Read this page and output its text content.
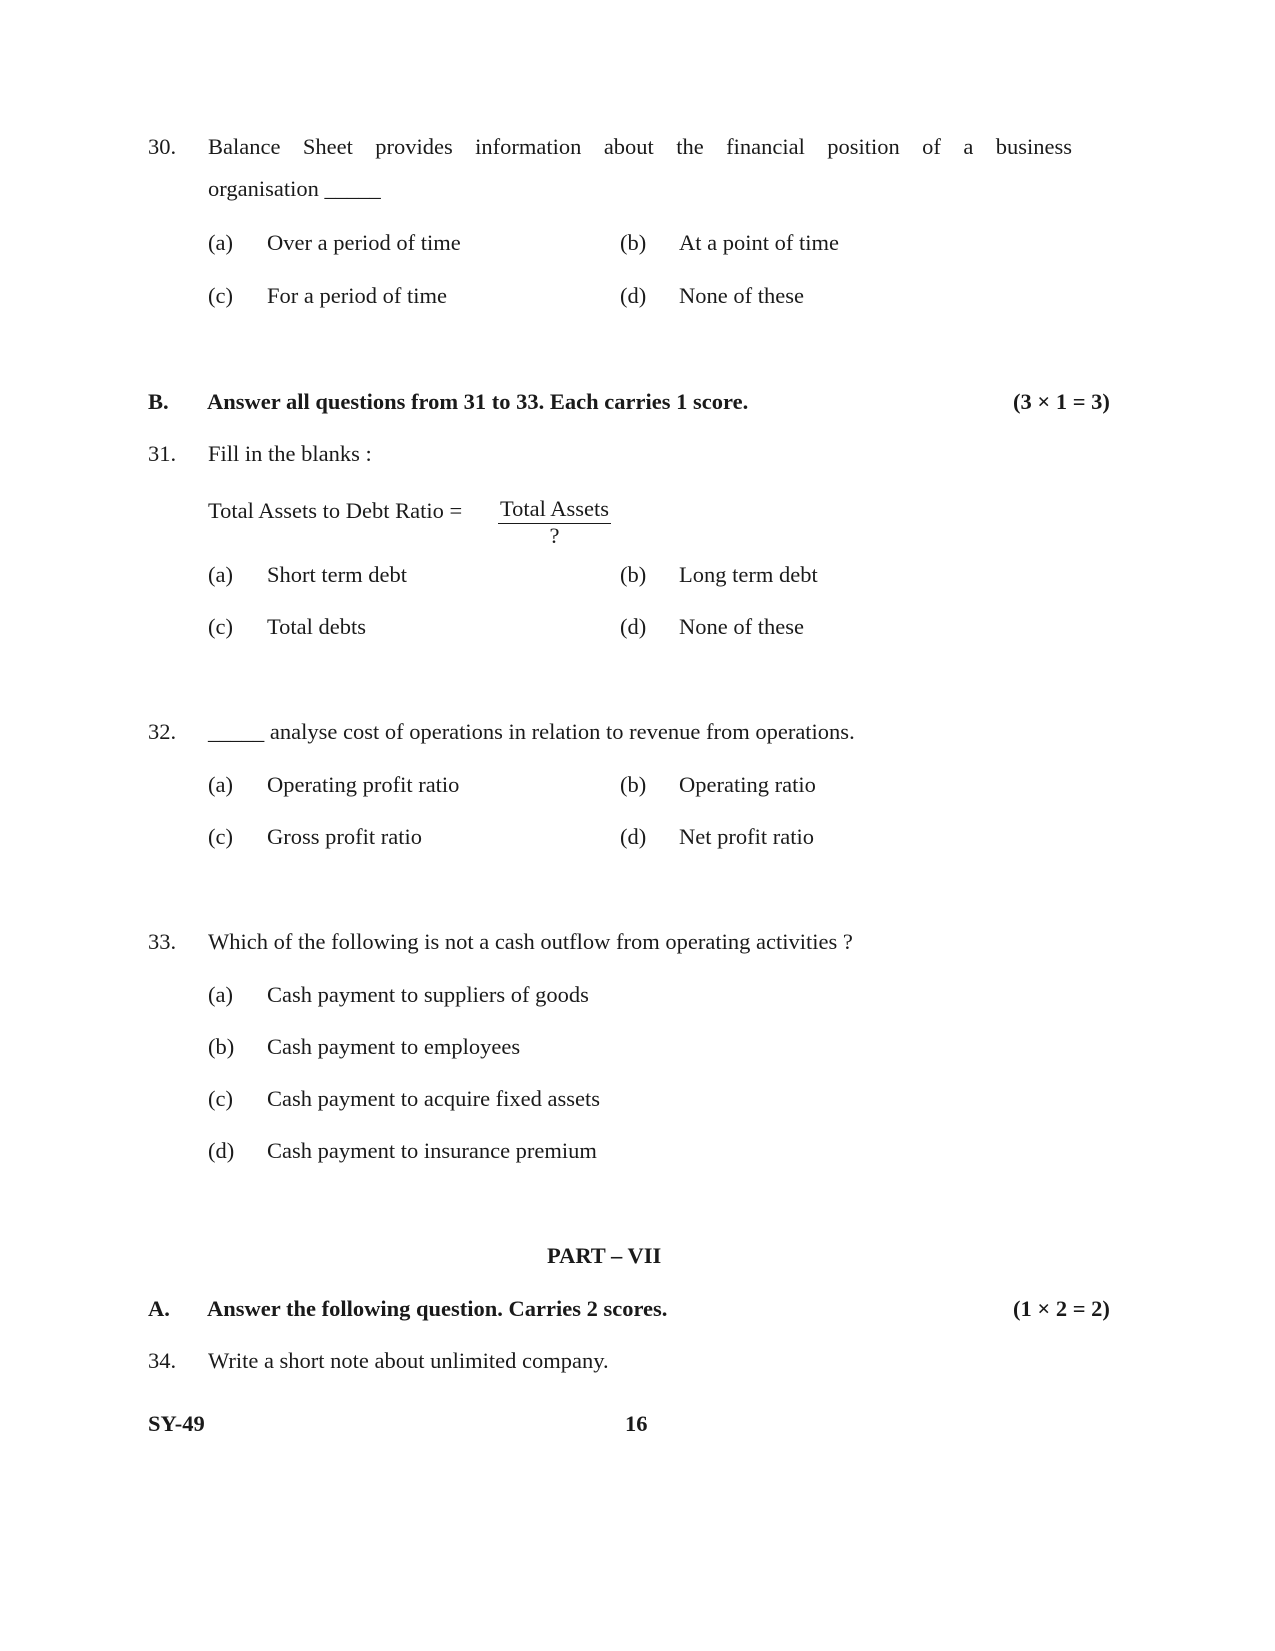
30. Balance Sheet provides information about the financial position of a business
organisation _____
(a) Over a period of time	(b) At a point of time
(c) For a period of time	(d) None of these
B. Answer all questions from 31 to 33. Each carries 1 score.	(3 × 1 = 3)
31. Fill in the blanks :
Total Assets to Debt Ratio = Total Assets
?
(a) Short term debt	(b) Long term debt
(c) Total debts	(d) None of these
32. _____ analyse cost of operations in relation to revenue from operations.
(a) Operating profit ratio	(b) Operating ratio
(c) Gross profit ratio	(d) Net profit ratio
33. Which of the following is not a cash outflow from operating activities ?
(a) Cash payment to suppliers of goods
(b) Cash payment to employees
(c) Cash payment to acquire fixed assets
(d) Cash payment to insurance premium
PART – VII
A. Answer the following question. Carries 2 scores.	(1 × 2 = 2)
34. Write a short note about unlimited company.
SY-49	16
